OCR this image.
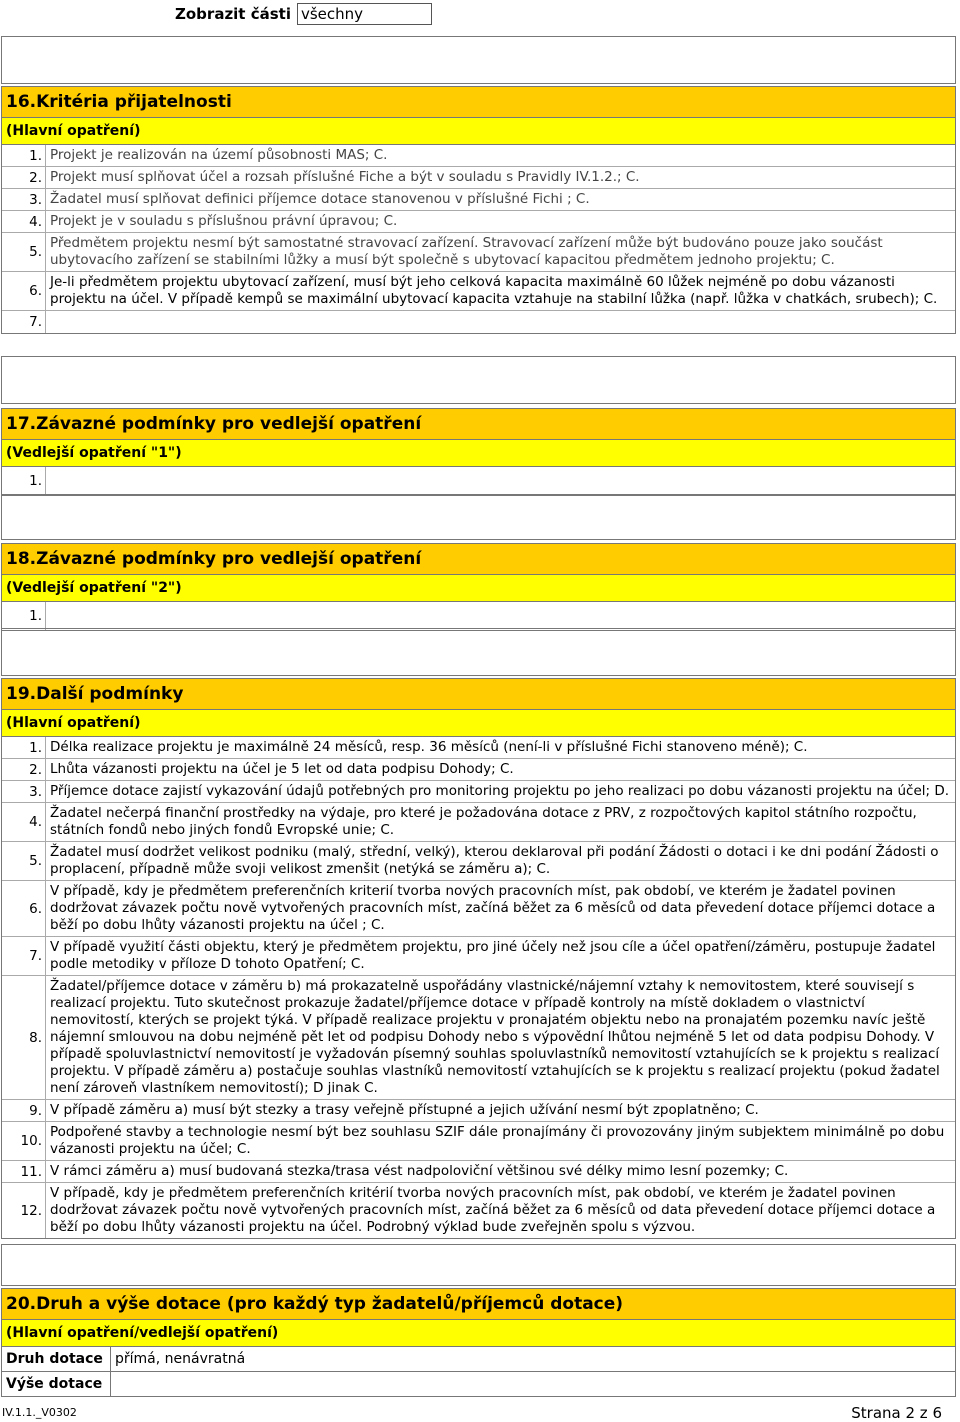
Zobrazit části všechny
16.Kritéria přijatelnosti
(Hlavní opatření)
1. Projekt je realizován na území působnosti MAS; C.
2. Projekt musí splňovat účel a rozsah příslušné Fiche a být v souladu s Pravidly IV.1.2.; C.
3. Žadatel musí splňovat definici příjemce dotace stanovenou v příslušné Fichi ; C.
4. Projekt je v souladu s příslušnou právní úpravou; C.
5.
Předmětem projektu nesmí být samostatné stravovací zařízení. Stravovací zařízení může být budováno pouze jako součást ubytovacího zařízení se stabilními lůžky a musí být společně s ubytovací kapacitou předmětem jednoho projektu; C.
6.
Je-li předmětem projektu ubytovací zařízení, musí být jeho celková kapacita maximálně 60 lůžek nejméně po dobu vázanosti projektu na účel. V případě kempů se maximální ubytovací kapacita vztahuje na stabilní lůžka (např. lůžka v chatkách, srubech); C.
7.
17.Závazné podmínky pro vedlejší opatření
(Vedlejší opatření "1")
1.
18.Závazné podmínky pro vedlejší opatření
(Vedlejší opatření "2")
1.
19.Další podmínky
(Hlavní opatření)
1. Délka realizace projektu je maximálně 24 měsíců, resp. 36 měsíců (není-li v příslušné Fichi stanoveno méně); C.
2. Lhůta vázanosti projektu na účel je 5 let od data podpisu Dohody; C.
3. Příjemce dotace zajistí vykazování údajů potřebných pro monitoring projektu po jeho realizaci po dobu vázanosti projektu na účel; D.
4.
Žadatel nečerpá finanční prostředky na výdaje, pro které je požadována dotace z PRV, z rozpočtových kapitol státního rozpočtu, státních fondů nebo jiných fondů Evropské unie; C.
5.
Žadatel musí dodržet velikost podniku (malý, střední, velký), kterou deklaroval při podání Žádosti o dotaci i ke dni podání Žádosti o proplacení, případně může svoji velikost zmenšit (netýká se záměru a); C.
6.
V případě, kdy je předmětem preferenčních kriterií tvorba nových pracovních míst, pak období, ve kterém je žadatel povinen dodržovat závazek počtu nově vytvořených pracovních míst, začíná běžet za 6 měsíců od data převedení dotace příjemci dotace a běží po dobu lhůty vázanosti projektu na účel ; C.
7.
V případě využití části objektu, který je předmětem projektu, pro jiné účely než jsou cíle a účel opatření/záměru, postupuje žadatel podle metodiky v příloze D tohoto Opatření; C.
8.
Žadatel/příjemce dotace v záměru b) má prokazatelně uspořádány vlastnické/nájemní vztahy k nemovitostem, které souvisejí s realizací projektu. Tuto skutečnost prokazuje žadatel/příjemce dotace v případě kontroly na místě dokladem o vlastnictví nemovitostí, kterých se projekt týká. V případě realizace projektu v pronajatém objektu nebo na pronajatém pozemku navíc ještě nájemní smlouvou na dobu nejméně pět let od podpisu Dohody nebo s výpovědní lhůtou nejméně 5 let od data podpisu Dohody. V případě spoluvlastnictví nemovitostí je vyžadován písemný souhlas spoluvlastníků nemovitostí vztahujících se k projektu s realizací projektu. V případě záměru a) postačuje souhlas vlastníků nemovitostí vztahujících se k projektu s realizací projektu (pokud žadatel není zároveň vlastníkem nemovitostí); D jinak C.
9. V případě záměru a) musí být stezky a trasy veřejně přístupné a jejich užívání nesmí být zpoplatněno; C.
10.
Podpořené stavby a technologie nesmí být bez souhlasu SZIF dále pronajímány či provozovány jiným subjektem minimálně po dobu vázanosti projektu na účel; C.
11. V rámci záměru a) musí budovaná stezka/trasa vést nadpoloviční většinou své délky mimo lesní pozemky; C.
12.
V případě, kdy je předmětem preferenčních kritérií tvorba nových pracovních míst, pak období, ve kterém je žadatel povinen dodržovat závazek počtu nově vytvořených pracovních míst, začíná běžet za 6 měsíců od data převedení dotace příjemci dotace a běží po dobu lhůty vázanosti projektu na účel. Podrobný výklad bude zveřejněn spolu s výzvou.
20.Druh a výše dotace (pro každý typ žadatelů/příjemců dotace)
(Hlavní opatření/vedlejší opatření)
Druh dotace přímá, nenávratná
Výše dotace
IV.1.1._V0302	Strana 2 z 6
